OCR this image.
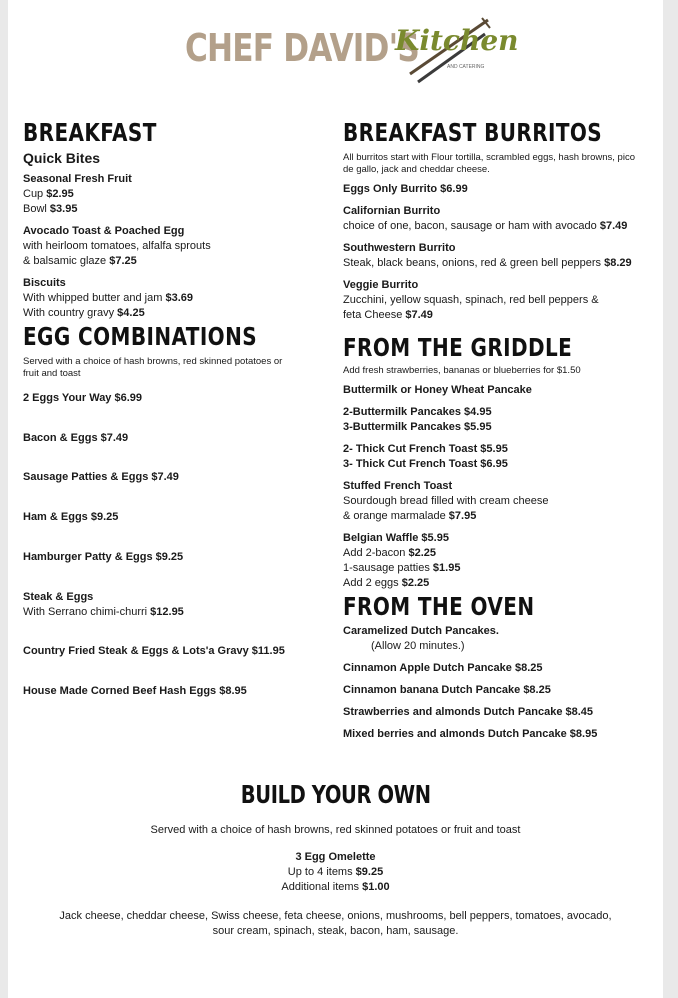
CHEF DAVID'S
Kitchen
AND CATERING
BREAKFAST
Quick Bites
Seasonal Fresh Fruit
Cup $2.95
Bowl $3.95
Avocado Toast & Poached Egg
with heirloom tomatoes, alfalfa sprouts
& balsamic glaze $7.25
Biscuits
With whipped butter and jam $3.69
With country gravy $4.25
EGG COMBINATIONS
Served with a choice of hash browns, red skinned potatoes or fruit and toast
2 Eggs Your Way $6.99
Bacon & Eggs $7.49
Sausage Patties & Eggs $7.49
Ham & Eggs $9.25
Hamburger Patty & Eggs $9.25
Steak & Eggs
With Serrano chimi-churri $12.95
Country Fried Steak & Eggs & Lots'a Gravy $11.95
House Made Corned Beef Hash Eggs $8.95
BREAKFAST BURRITOS
All burritos start with Flour tortilla, scrambled eggs, hash browns, pico de gallo, jack and cheddar cheese.
Eggs Only Burrito $6.99
Californian Burrito
choice of one, bacon, sausage or ham with avocado $7.49
Southwestern Burrito
Steak, black beans, onions, red & green bell peppers $8.29
Veggie Burrito
Zucchini, yellow squash, spinach, red bell peppers &
feta Cheese $7.49
FROM THE GRIDDLE
Add fresh strawberries, bananas or blueberries for $1.50
Buttermilk or Honey Wheat Pancake
2-Buttermilk Pancakes $4.95
3-Buttermilk Pancakes $5.95
2- Thick Cut French Toast $5.95
3- Thick Cut French Toast $6.95
Stuffed French Toast
Sourdough bread filled with cream cheese
& orange marmalade $7.95
Belgian Waffle $5.95
Add 2-bacon $2.25
1-sausage patties $1.95
Add 2 eggs $2.25
FROM THE OVEN
Caramelized Dutch Pancakes.
(Allow 20 minutes.)
Cinnamon Apple Dutch Pancake $8.25
Cinnamon banana Dutch Pancake $8.25
Strawberries and almonds Dutch Pancake $8.45
Mixed berries and almonds Dutch Pancake $8.95
BUILD YOUR OWN
Served with a choice of hash browns, red skinned potatoes or fruit and toast
3 Egg Omelette
Up to 4 items $9.25
Additional items $1.00
Jack cheese, cheddar cheese, Swiss cheese, feta cheese, onions, mushrooms, bell peppers, tomatoes, avocado,
sour cream, spinach, steak, bacon, ham, sausage.
